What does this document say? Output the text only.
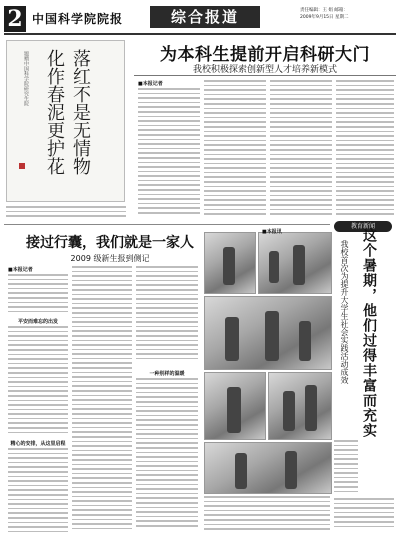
2 中国科学院院报	综合报道	责任编辑：王 娟 邮箱：
2009年9月15日 星期二
落红不是无情物
化作春泥更护花
题赠中国科学院研究生院	为本科生提前开启科研大门
我校积极探索创新型人才培养新模式
■本报记者
教育新闻
接过行囊，我们就是一家人
2009 级新生报到侧记
■本报记者
平安而难忘的出发
精心的安排，从这里启程
一种别样的温暖
■本报讯	这个暑期，他们过得丰富而充实
我校首次为提升大学生社会实践活动成效
